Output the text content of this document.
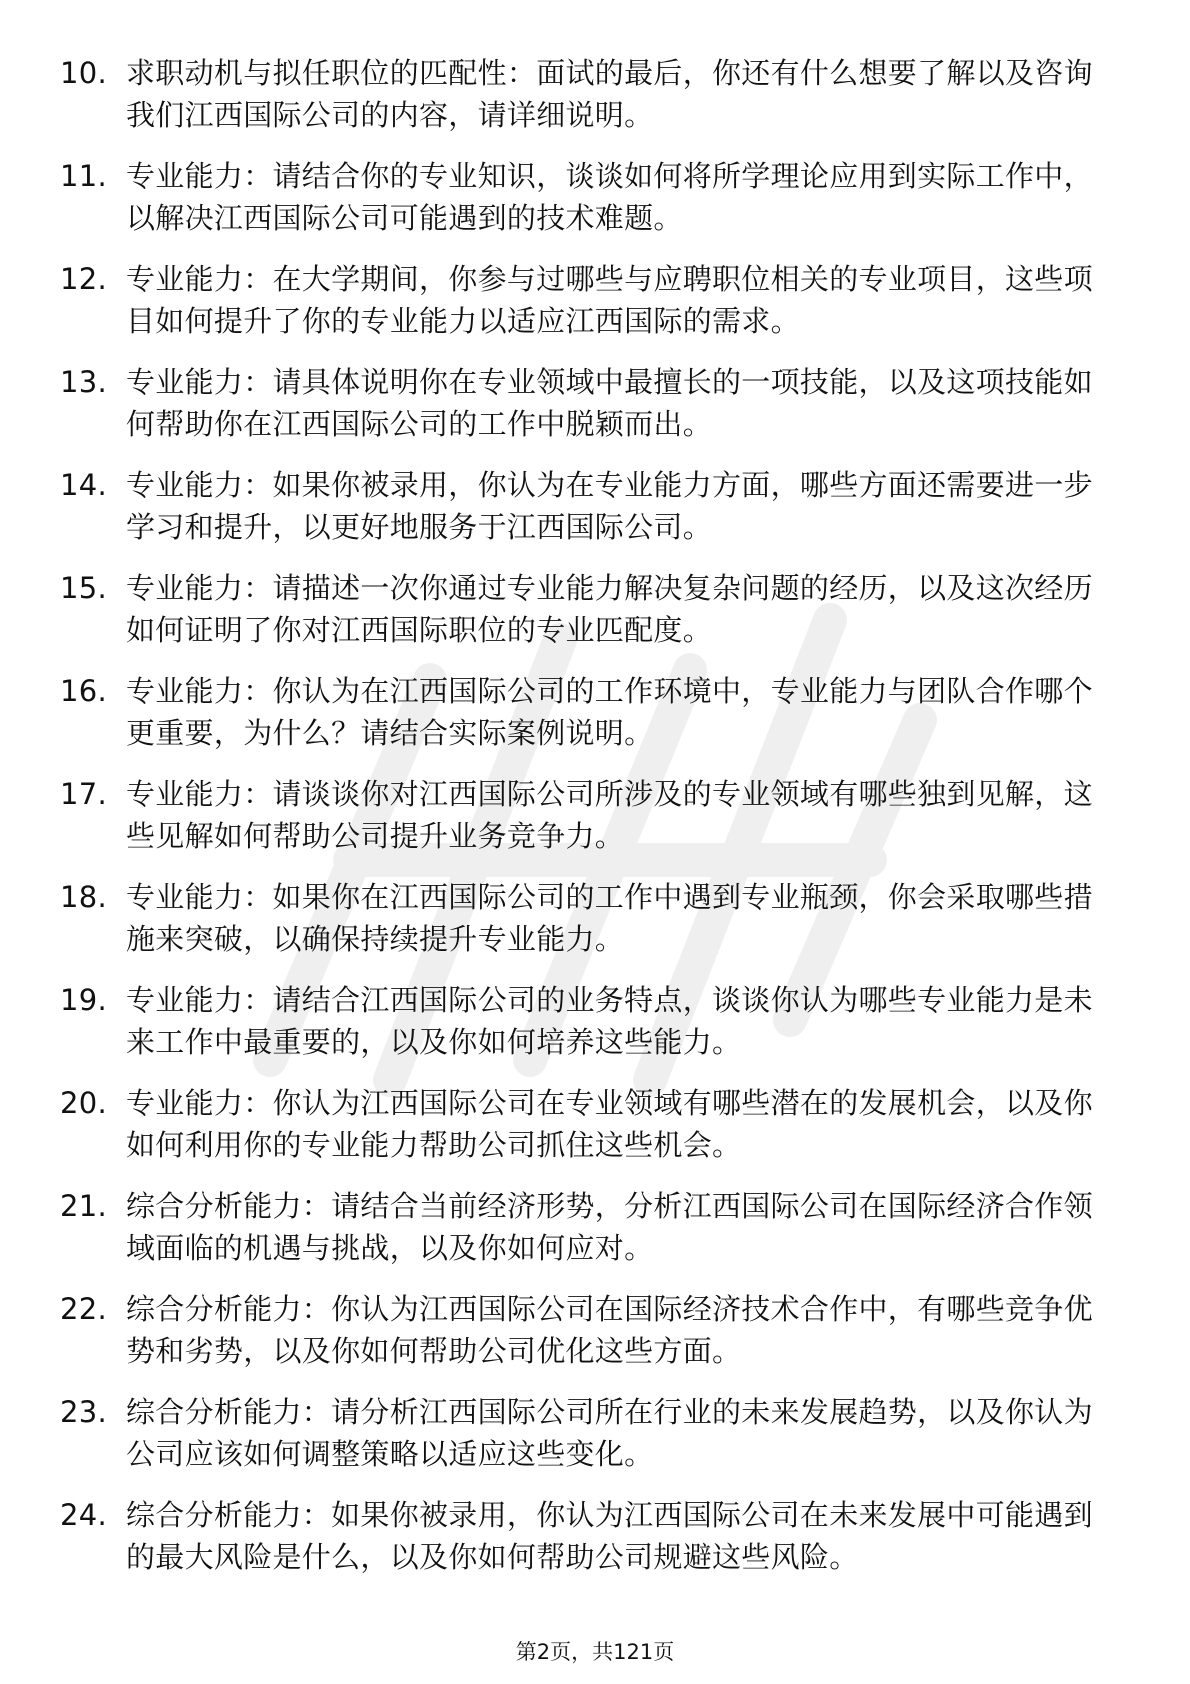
10. 求职动机与拟任职位的匹配性：面试的最后，你还有什么想要了解以及咨询我们江西国际公司的内容，请详细说明。
11. 专业能力：请结合你的专业知识，谈谈如何将所学理论应用到实际工作中，以解决江西国际公司可能遇到的技术难题。
12. 专业能力：在大学期间，你参与过哪些与应聘职位相关的专业项目，这些项目如何提升了你的专业能力以适应江西国际的需求。
13. 专业能力：请具体说明你在专业领域中最擅长的一项技能，以及这项技能如何帮助你在江西国际公司的工作中脱颖而出。
14. 专业能力：如果你被录用，你认为在专业能力方面，哪些方面还需要进一步学习和提升，以更好地服务于江西国际公司。
15. 专业能力：请描述一次你通过专业能力解决复杂问题的经历，以及这次经历如何证明了你对江西国际职位的专业匹配度。
16. 专业能力：你认为在江西国际公司的工作环境中，专业能力与团队合作哪个更重要，为什么？请结合实际案例说明。
17. 专业能力：请谈谈你对江西国际公司所涉及的专业领域有哪些独到见解，这些见解如何帮助公司提升业务竞争力。
18. 专业能力：如果你在江西国际公司的工作中遇到专业瓶颈，你会采取哪些措施来突破，以确保持续提升专业能力。
19. 专业能力：请结合江西国际公司的业务特点，谈谈你认为哪些专业能力是未来工作中最重要的，以及你如何培养这些能力。
20. 专业能力：你认为江西国际公司在专业领域有哪些潜在的发展机会，以及你如何利用你的专业能力帮助公司抓住这些机会。
21. 综合分析能力：请结合当前经济形势，分析江西国际公司在国际经济合作领域面临的机遇与挑战，以及你如何应对。
22. 综合分析能力：你认为江西国际公司在国际经济技术合作中，有哪些竞争优势和劣势，以及你如何帮助公司优化这些方面。
23. 综合分析能力：请分析江西国际公司所在行业的未来发展趋势，以及你认为公司应该如何调整策略以适应这些变化。
24. 综合分析能力：如果你被录用，你认为江西国际公司在未来发展中可能遇到的最大风险是什么，以及你如何帮助公司规避这些风险。
第2页，共121页
